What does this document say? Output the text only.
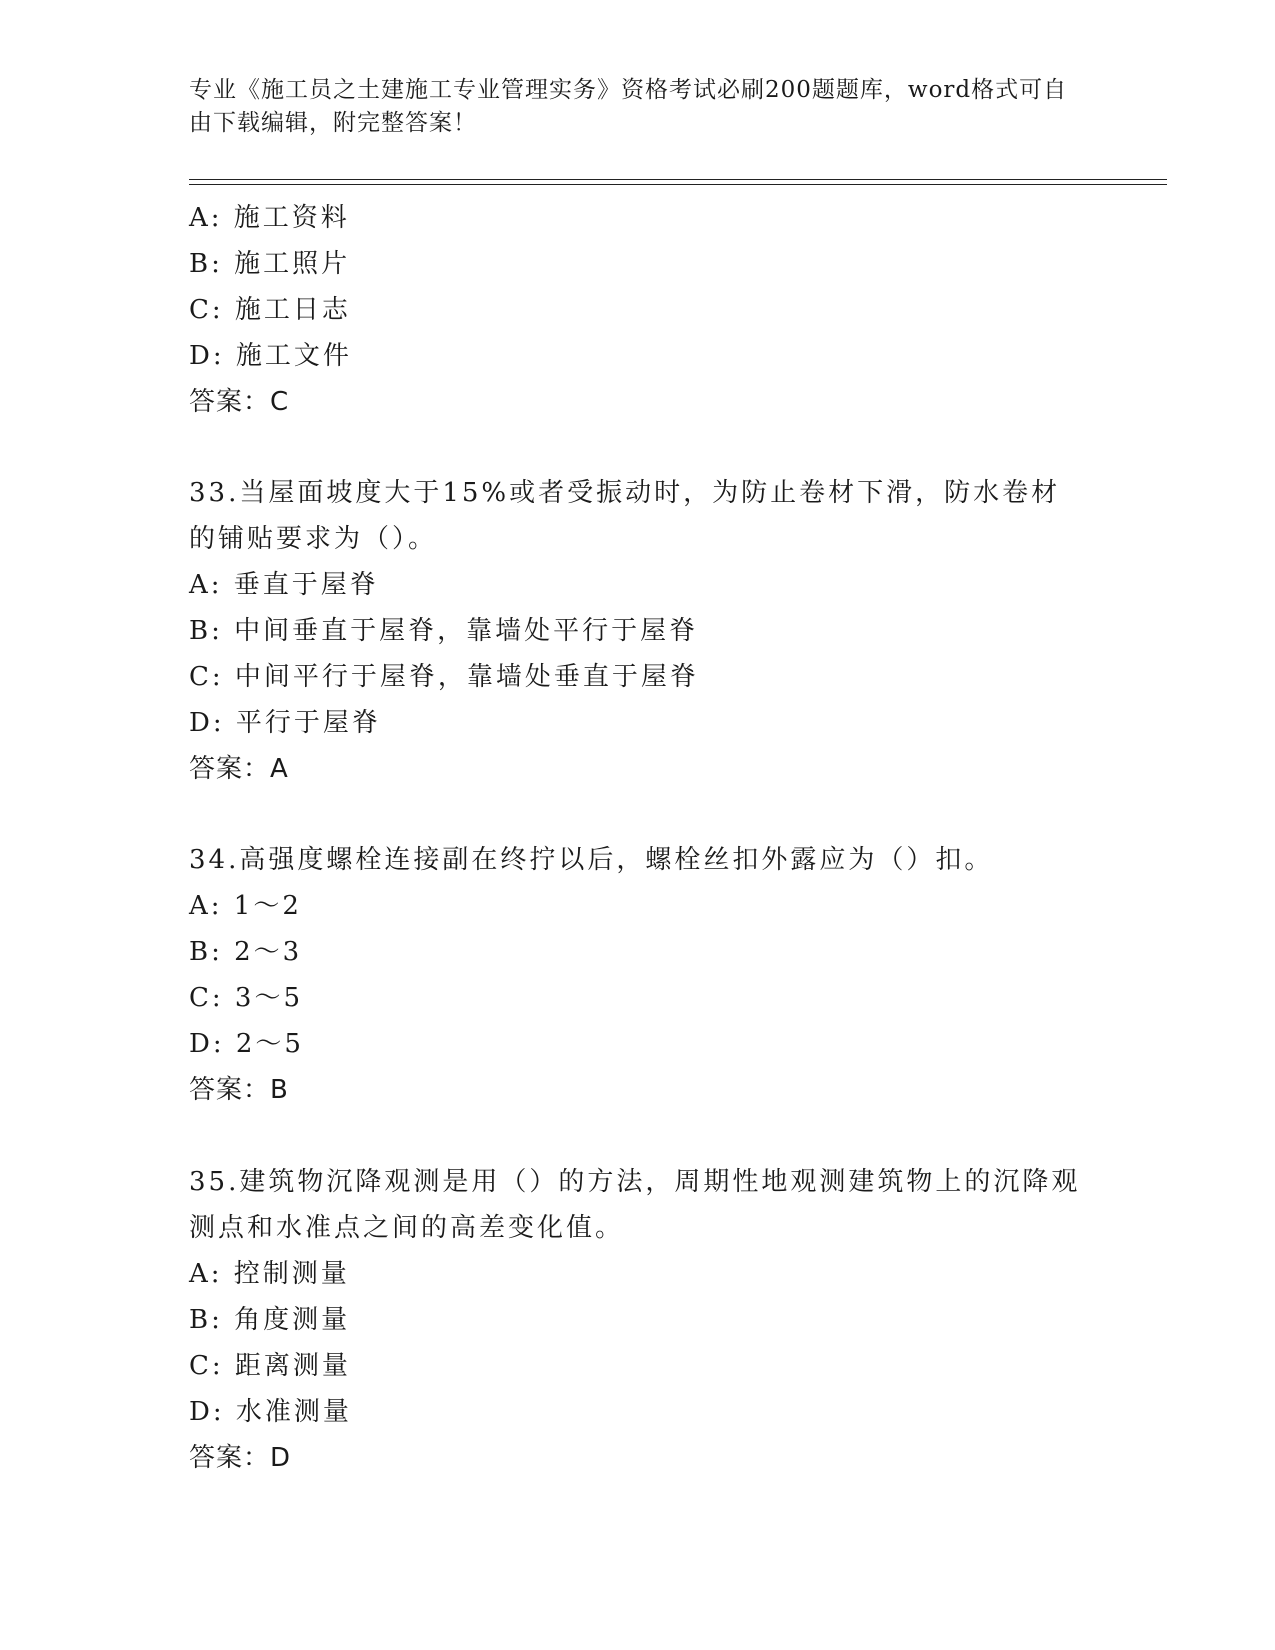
专业《施工员之土建施工专业管理实务》资格考试必刷200题题库，word格式可自由下载编辑，附完整答案！
A: 施工资料
B: 施工照片
C: 施工日志
D: 施工文件
答案：C
33.当屋面坡度大于15%或者受振动时，为防止卷材下滑，防水卷材的铺贴要求为（）。
A: 垂直于屋脊
B: 中间垂直于屋脊，靠墙处平行于屋脊
C: 中间平行于屋脊，靠墙处垂直于屋脊
D: 平行于屋脊
答案：A
34.高强度螺栓连接副在终拧以后，螺栓丝扣外露应为（）扣。
A: 1～2
B: 2～3
C: 3～5
D: 2～5
答案：B
35.建筑物沉降观测是用（）的方法，周期性地观测建筑物上的沉降观测点和水准点之间的高差变化值。
A: 控制测量
B: 角度测量
C: 距离测量
D: 水准测量
答案：D
